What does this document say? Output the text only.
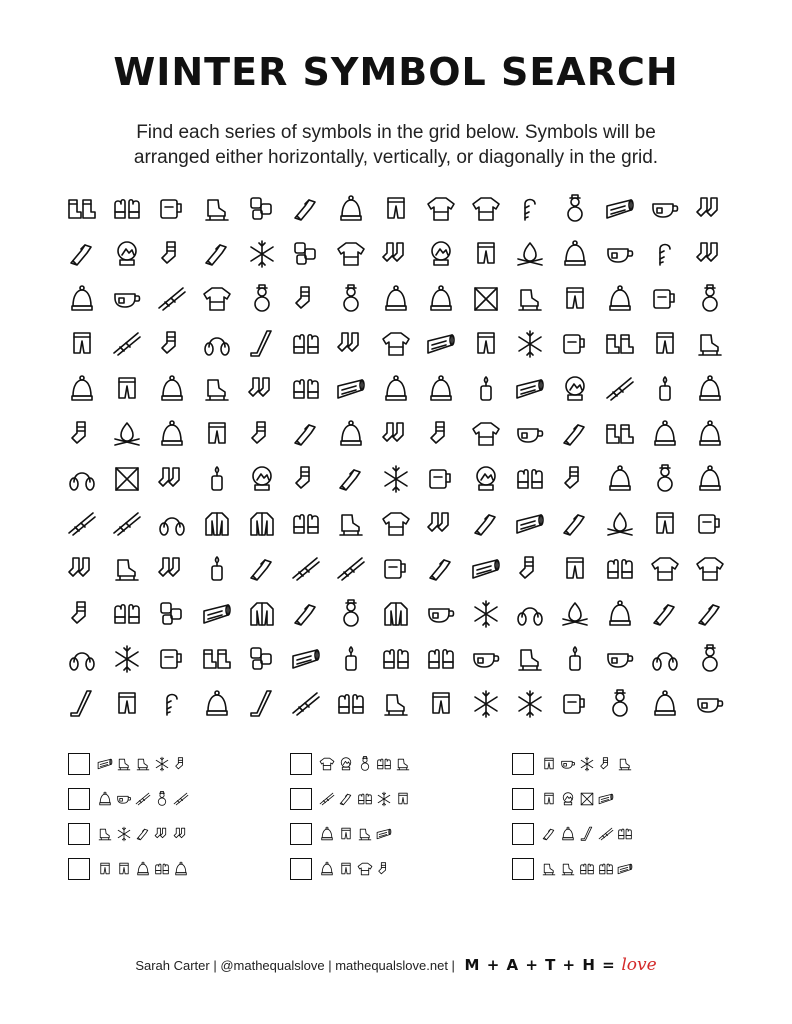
WINTER SYMBOL SEARCH
Find each series of symbols in the grid below. Symbols will be
arranged either horizontally, vertically, or diagonally in the grid.
Sarah Carter | @mathequalslove | mathequalslove.net | M + A + T + H = love
